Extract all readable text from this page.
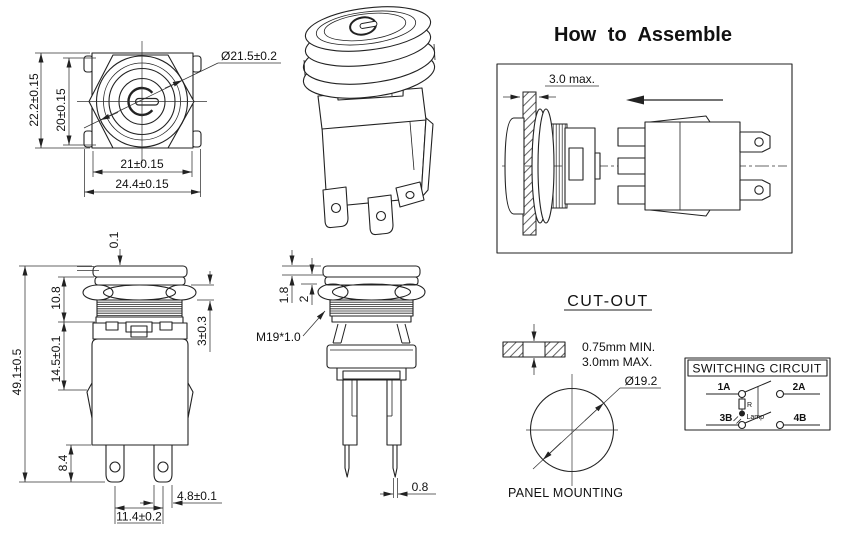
22.2±0.15 20±0.15
21±0.15
24.4±0.15
Ø21.5±0.2
How to Assemble
3.0 max.
0.1
49.1±0.5
10.8
14.5±0.1
3±0.3
8.4
4.8±0.1
11.4±0.2
1.8 2
M19*1.0
0.8
CUT-OUT
0.75mm MIN.
3.0mm MAX.
Ø19.2
PANEL MOUNTING
SWITCHING CIRCUIT
R
Lamp
1A	2A
3B	4B
